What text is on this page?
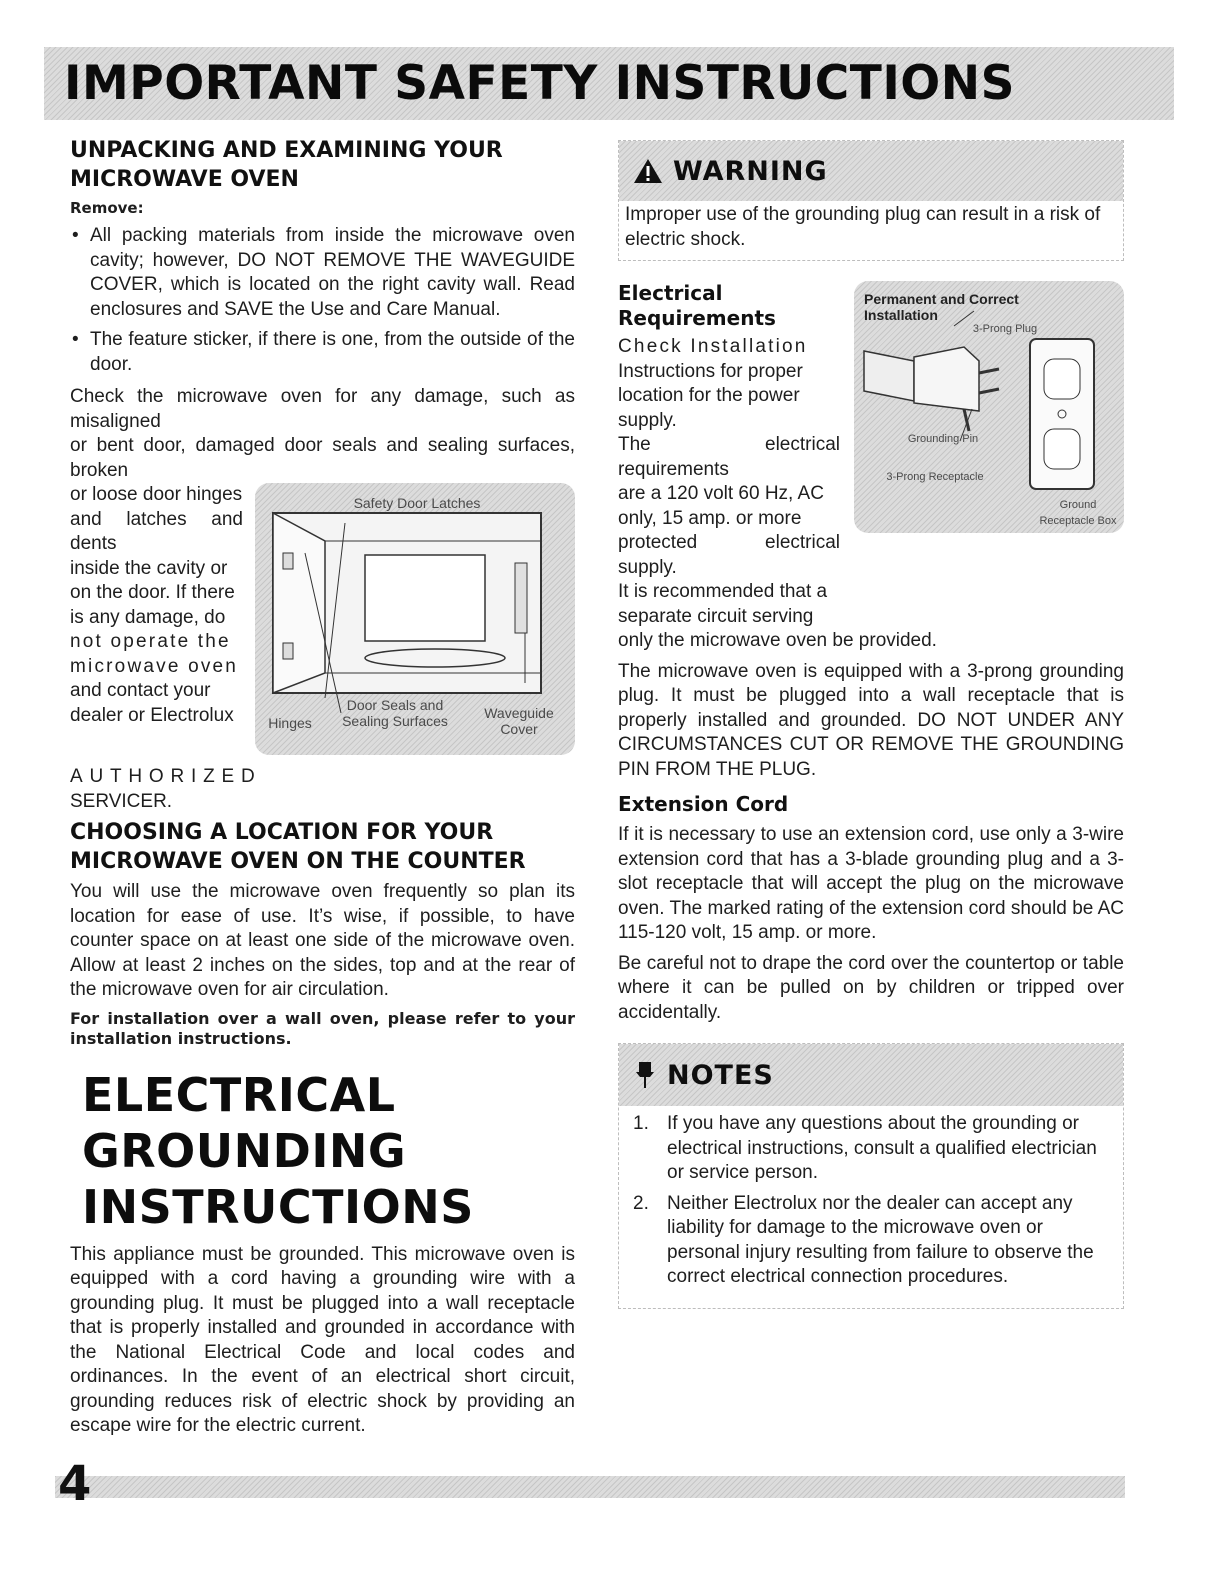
IMPORTANT SAFETY INSTRUCTIONS
UNPACKING AND EXAMINING YOUR MICROWAVE OVEN
Remove:
• All packing materials from inside the microwave oven cavity; however, DO NOT REMOVE THE WAVEGUIDE COVER, which is located on the right cavity wall. Read enclosures and SAVE the Use and Care Manual.
• The feature sticker, if there is one, from the outside of the door.

Check the microwave oven for any damage, such as misaligned

or bent door, damaged door seals and sealing surfaces, broken

Safety Door Latches
Hinges
Door Seals and Sealing Surfaces	Waveguide Cover

or loose door hinges

and latches and dents

inside the cavity or

on the door. If there

is any damage, do

not operate the

microwave oven

and contact your

dealer or Electrolux

AUTHORIZED

SERVICER.

CHOOSING A LOCATION FOR YOUR MICROWAVE OVEN ON THE COUNTER

You will use the microwave oven frequently so plan its location for ease of use. It’s wise, if possible, to have counter space on at least one side of the microwave oven. Allow at least 2 inches on the sides, top and at the rear of the microwave oven for air circulation.

For installation over a wall oven, please refer to your installation instructions.

ELECTRICAL
GROUNDING
INSTRUCTIONS

This appliance must be grounded. This microwave oven is equipped with a cord having a grounding wire with a grounding plug. It must be plugged into a wall receptacle that is properly installed and grounded in accordance with the National Electrical Code and local codes and ordinances. In the event of an electrical short circuit, grounding reduces risk of electric shock by providing an escape wire for the electric current.

WARNING

Improper use of the grounding plug can result in a risk of electric shock.

Permanent and Correct Installation
3-Prong Plug
Grounding Pin
3-Prong Receptacle
Ground Receptacle Box
Electrical Requirements

Check Installation

Instructions for proper

location for the power

supply.

The electrical requirements

are a 120 volt 60 Hz, AC

only, 15 amp. or more

protected electrical supply.

It is recommended that a

separate circuit serving

only the microwave oven be provided.

The microwave oven is equipped with a 3-prong grounding plug. It must be plugged into a wall receptacle that is properly installed and grounded. DO NOT UNDER ANY CIRCUMSTANCES CUT OR REMOVE THE GROUNDING PIN FROM THE PLUG.

Extension Cord

If it is necessary to use an extension cord, use only a 3-wire extension cord that has a 3-blade grounding plug and a 3-slot receptacle that will accept the plug on the microwave oven. The marked rating of the extension cord should be AC 115-120 volt, 15 amp. or more.

Be careful not to drape the cord over the countertop or table where it can be pulled on by children or tripped over accidentally.

NOTES
1. If you have any questions about the grounding or electrical instructions, consult a qualified electrician or service person.
2. Neither Electrolux nor the dealer can accept any liability for damage to the microwave oven or personal injury resulting from failure to observe the correct electrical connection procedures.
4
